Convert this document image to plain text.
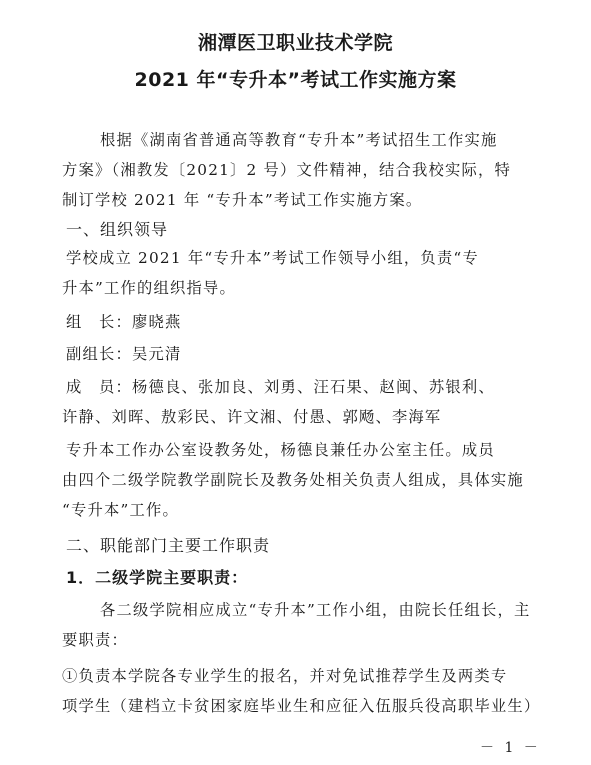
湘潭医卫职业技术学院
2021 年“专升本”考试工作实施方案
根据《湖南省普通高等教育“专升本”考试招生工作实施
方案》（湘教发〔2021〕2 号）文件精神，结合我校实际，特
制订学校 2021 年 “专升本”考试工作实施方案。
一、组织领导
学校成立 2021 年“专升本”考试工作领导小组，负责“专
升本”工作的组织指导。
组　长：廖晓燕
副组长：吴元清
成　员：杨德良、张加良、刘勇、汪石果、赵闽、苏银利、
许静、刘晖、敖彩民、许文湘、付愚、郭飏、李海军
专升本工作办公室设教务处，杨德良兼任办公室主任。成员
由四个二级学院教学副院长及教务处相关负责人组成，具体实施
“专升本”工作。
二、职能部门主要工作职责
1．二级学院主要职责：
各二级学院相应成立“专升本”工作小组，由院长任组长，主
要职责：
①负责本学院各专业学生的报名，并对免试推荐学生及两类专
项学生（建档立卡贫困家庭毕业生和应征入伍服兵役高职毕业生）
－ 1 －
